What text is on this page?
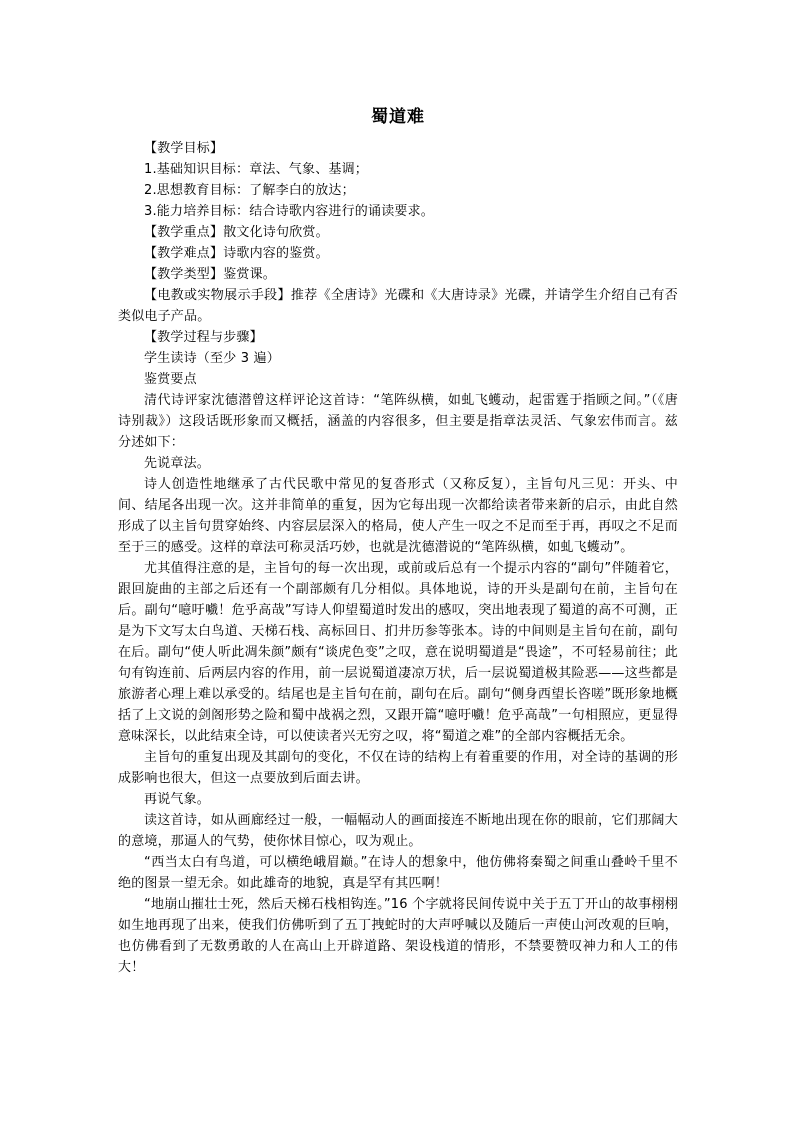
蜀道难

【教学目标】

1.基础知识目标：章法、气象、基调；

2.思想教育目标：了解李白的放达；

3.能力培养目标：结合诗歌内容进行的诵读要求。

【教学重点】散文化诗句欣赏。

【教学难点】诗歌内容的鉴赏。

【教学类型】鉴赏课。

【电教或实物展示手段】推荐《全唐诗》光碟和《大唐诗录》光碟，并请学生介绍自己有否类似电子产品。

【教学过程与步骤】

学生读诗（至少 3 遍）

鉴赏要点

清代诗评家沈德潜曾这样评论这首诗：“笔阵纵横，如虬飞蠖动，起雷霆于指顾之间。”（《唐诗别裁》）这段话既形象而又概括，涵盖的内容很多，但主要是指章法灵活、气象宏伟而言。兹分述如下：

先说章法。

诗人创造性地继承了古代民歌中常见的复沓形式（又称反复），主旨句凡三见：开头、中间、结尾各出现一次。这并非简单的重复，因为它每出现一次都给读者带来新的启示，由此自然形成了以主旨句贯穿始终、内容层层深入的格局，使人产生一叹之不足而至于再，再叹之不足而至于三的感受。这样的章法可称灵活巧妙，也就是沈德潜说的“笔阵纵横，如虬飞蠖动”。

尤其值得注意的是，主旨句的每一次出现，或前或后总有一个提示内容的“副句”伴随着它，跟回旋曲的主部之后还有一个副部颇有几分相似。具体地说，诗的开头是副句在前，主旨句在后。副句“噫吁嚱！危乎高哉”写诗人仰望蜀道时发出的感叹，突出地表现了蜀道的高不可测，正是为下文写太白鸟道、天梯石栈、高标回日、扪井历参等张本。诗的中间则是主旨句在前，副句在后。副句“使人听此凋朱颜”颇有“谈虎色变”之叹，意在说明蜀道是“畏途”，不可轻易前往；此句有钩连前、后两层内容的作用，前一层说蜀道凄凉万状，后一层说蜀道极其险恶——这些都是旅游者心理上难以承受的。结尾也是主旨句在前，副句在后。副句“侧身西望长咨嗟”既形象地概括了上文说的剑阁形势之险和蜀中战祸之烈，又跟开篇“噫吁嚱！危乎高哉”一句相照应，更显得意味深长，以此结束全诗，可以使读者兴无穷之叹，将“蜀道之难”的全部内容概括无余。

主旨句的重复出现及其副句的变化，不仅在诗的结构上有着重要的作用，对全诗的基调的形成影响也很大，但这一点要放到后面去讲。

再说气象。

读这首诗，如从画廊经过一般，一幅幅动人的画面接连不断地出现在你的眼前，它们那阔大的意境，那逼人的气势，使你怵目惊心，叹为观止。

“西当太白有鸟道，可以横绝峨眉巅。”在诗人的想象中，他仿佛将秦蜀之间重山叠岭千里不绝的图景一望无余。如此雄奇的地貌，真是罕有其匹啊！

“地崩山摧壮士死，然后天梯石栈相钩连。”16 个字就将民间传说中关于五丁开山的故事栩栩如生地再现了出来，使我们仿佛听到了五丁拽蛇时的大声呼喊以及随后一声使山河改观的巨响，也仿佛看到了无数勇敢的人在高山上开辟道路、架设栈道的情形，不禁要赞叹神力和人工的伟大！
